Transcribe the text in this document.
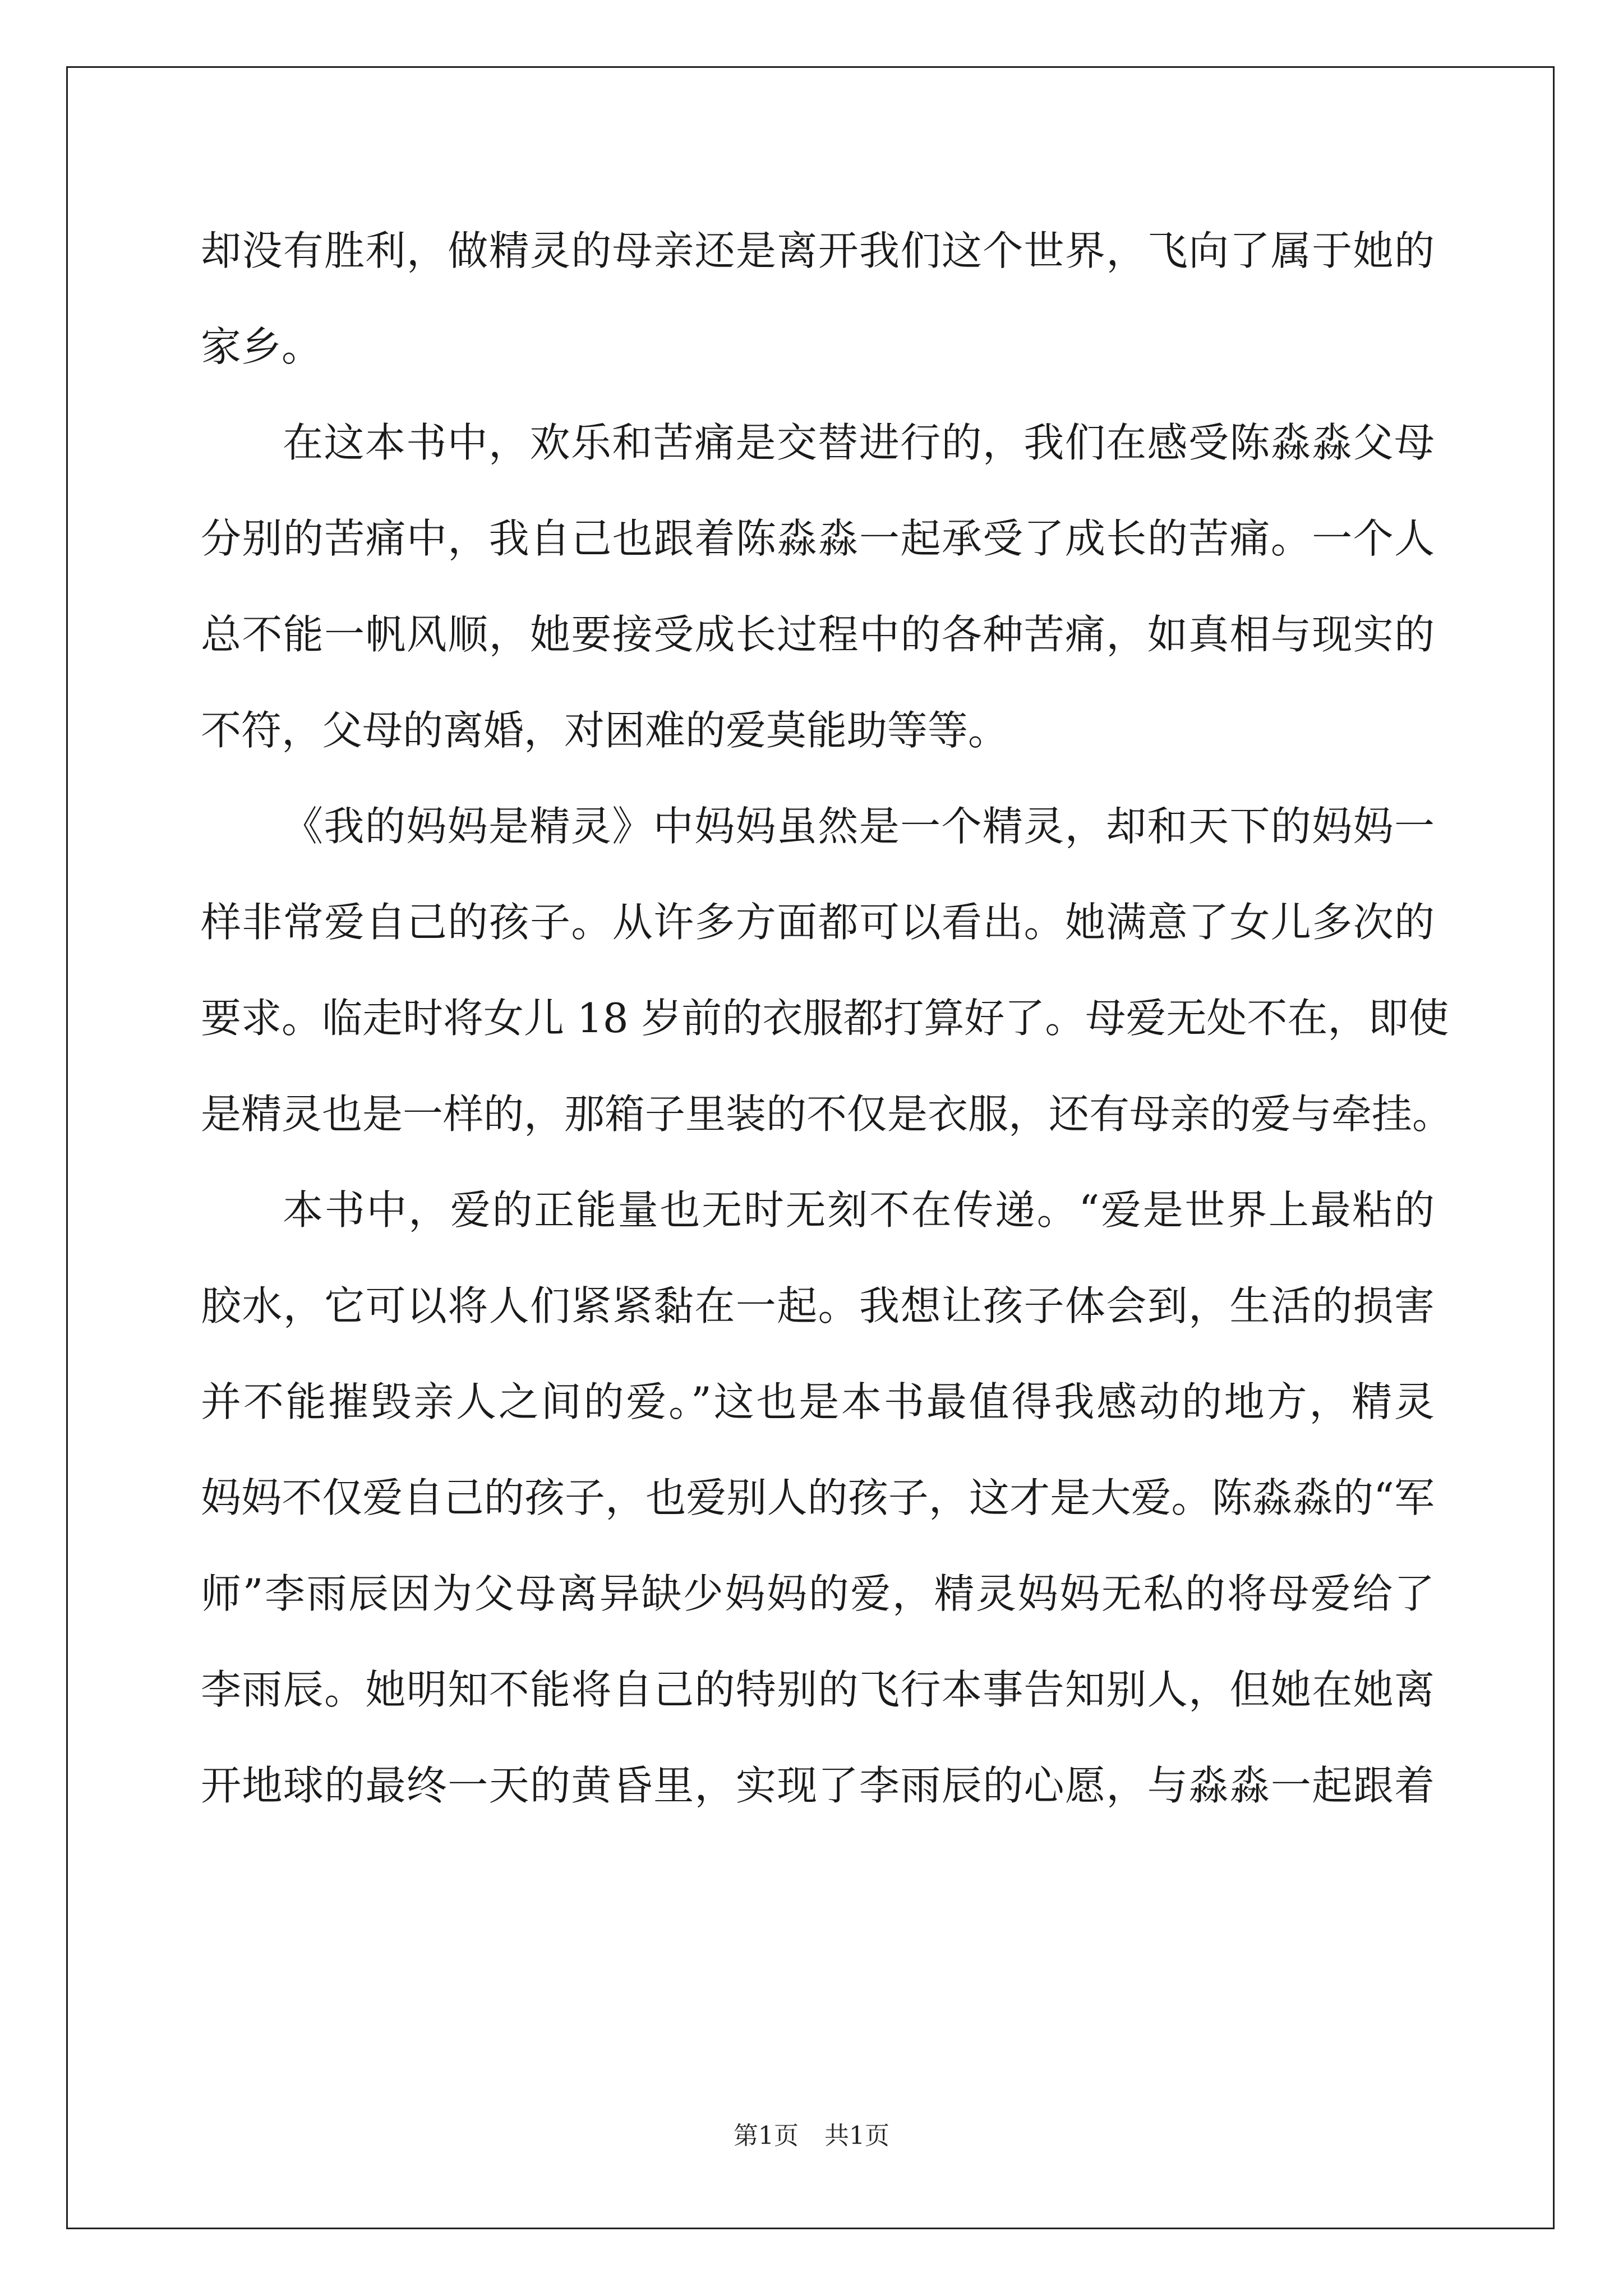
却没有胜利，做精灵的母亲还是离开我们这个世界，飞向了属于她的
家乡。
在这本书中，欢乐和苦痛是交替进行的，我们在感受陈淼淼父母
分别的苦痛中，我自己也跟着陈淼淼一起承受了成长的苦痛。一个人
总不能一帆风顺，她要接受成长过程中的各种苦痛，如真相与现实的
不符，父母的离婚，对困难的爱莫能助等等。
《我的妈妈是精灵》中妈妈虽然是一个精灵，却和天下的妈妈一
样非常爱自己的孩子。从许多方面都可以看出。她满意了女儿多次的
要求。临走时将女儿 18 岁前的衣服都打算好了。母爱无处不在，即使
是精灵也是一样的，那箱子里装的不仅是衣服，还有母亲的爱与牵挂。
本书中，爱的正能量也无时无刻不在传递。“爱是世界上最粘的
胶水，它可以将人们紧紧黏在一起。我想让孩子体会到，生活的损害
并不能摧毁亲人之间的爱。”这也是本书最值得我感动的地方，精灵
妈妈不仅爱自己的孩子，也爱别人的孩子，这才是大爱。陈淼淼的“军
师”李雨辰因为父母离异缺少妈妈的爱，精灵妈妈无私的将母爱给了
李雨辰。她明知不能将自己的特别的飞行本事告知别人，但她在她离
开地球的最终一天的黄昏里，实现了李雨辰的心愿，与淼淼一起跟着
第1页 共1页
